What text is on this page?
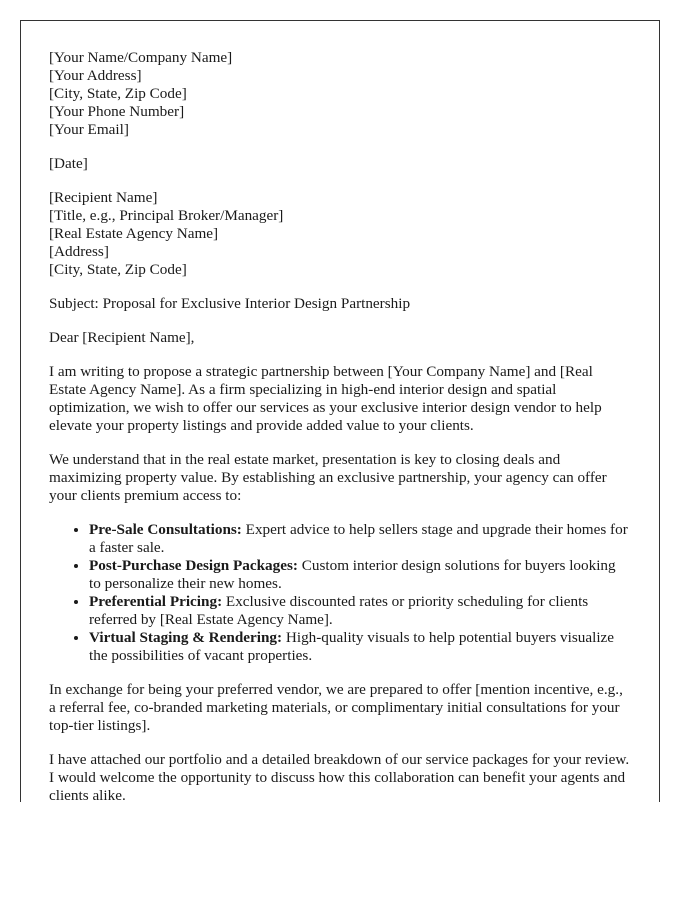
[Your Name/Company Name]
[Your Address]
[City, State, Zip Code]
[Your Phone Number]
[Your Email]

[Date]

[Recipient Name]
[Title, e.g., Principal Broker/Manager]
[Real Estate Agency Name]
[Address]
[City, State, Zip Code]

Subject: Proposal for Exclusive Interior Design Partnership

Dear [Recipient Name],

I am writing to propose a strategic partnership between [Your Company Name] and [Real Estate Agency Name]. As a firm specializing in high-end interior design and spatial optimization, we wish to offer our services as your exclusive interior design vendor to help elevate your property listings and provide added value to your clients.

We understand that in the real estate market, presentation is key to closing deals and maximizing property value. By establishing an exclusive partnership, your agency can offer your clients premium access to:

• Pre-Sale Consultations: Expert advice to help sellers stage and upgrade their homes for a faster sale.
• Post-Purchase Design Packages: Custom interior design solutions for buyers looking to personalize their new homes.
• Preferential Pricing: Exclusive discounted rates or priority scheduling for clients referred by [Real Estate Agency Name].
• Virtual Staging & Rendering: High-quality visuals to help potential buyers visualize the possibilities of vacant properties.

In exchange for being your preferred vendor, we are prepared to offer [mention incentive, e.g., a referral fee, co-branded marketing materials, or complimentary initial consultations for your top-tier listings].

I have attached our portfolio and a detailed breakdown of our service packages for your review. I would welcome the opportunity to discuss how this collaboration can benefit your agents and clients alike.
